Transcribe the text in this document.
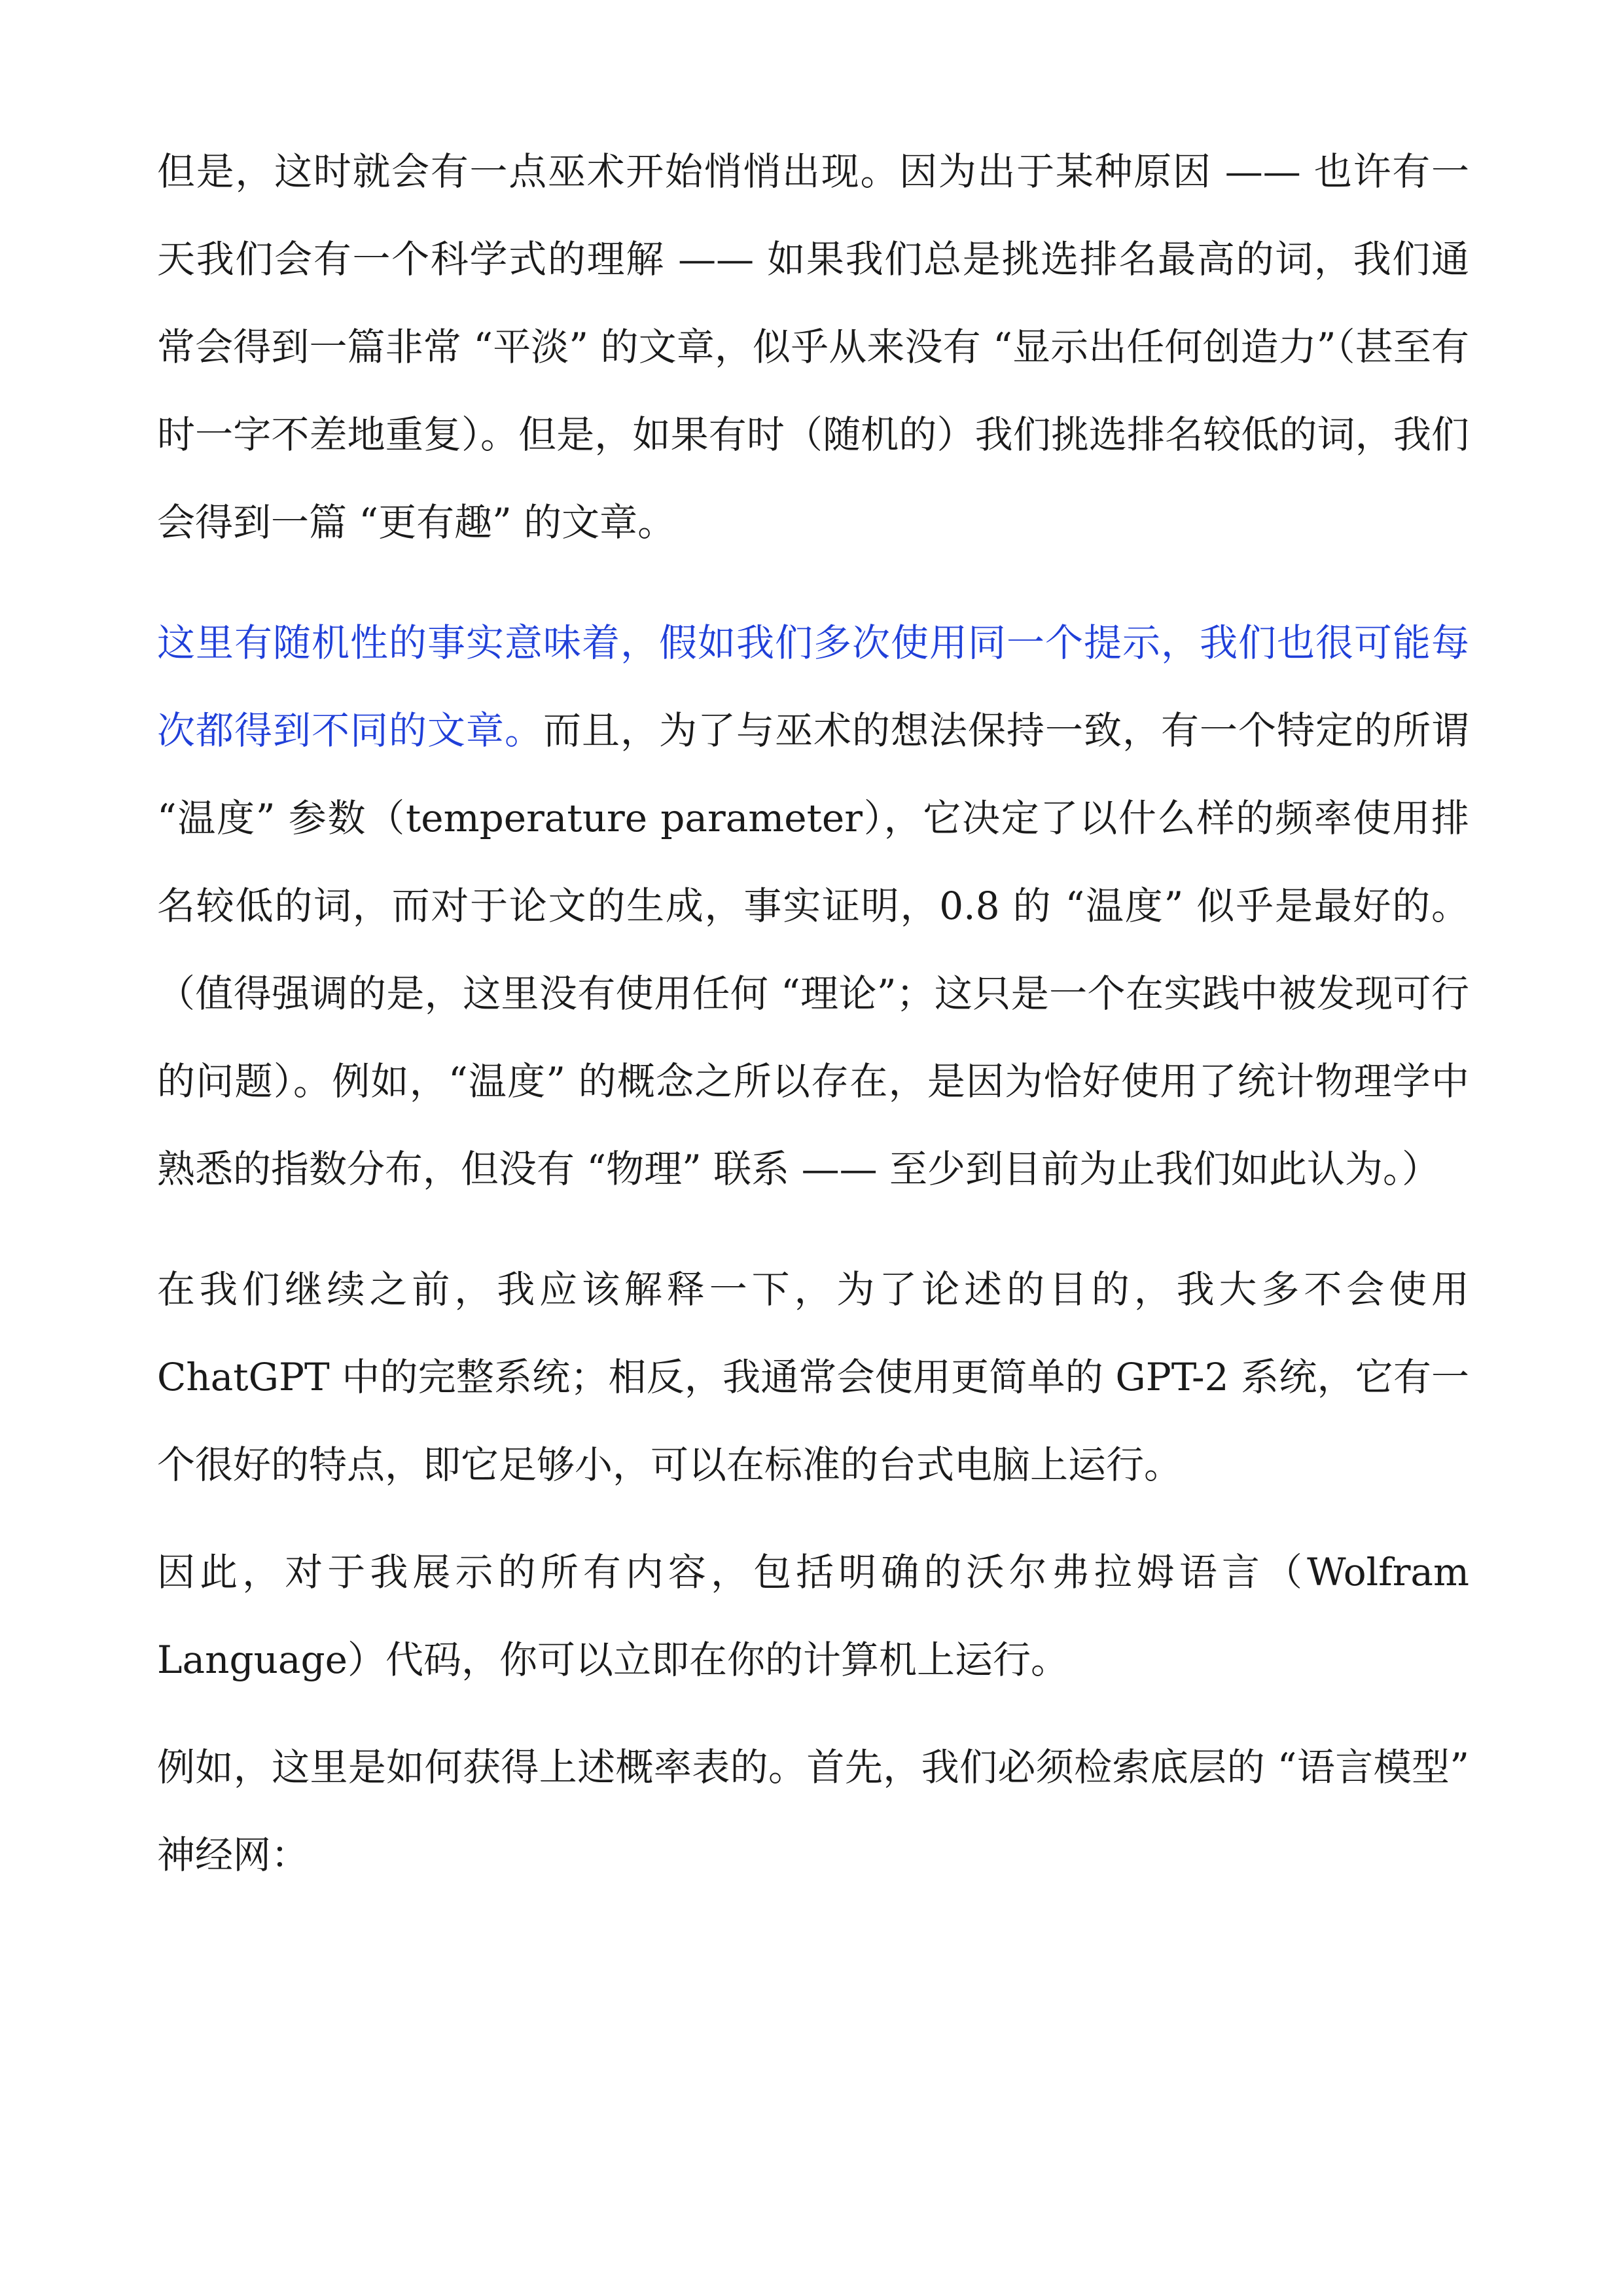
但是，这时就会有一点巫术开始悄悄出现。因为出于某种原因 —— 也许有一天我们会有一个科学式的理解 —— 如果我们总是挑选排名最高的词，我们通常会得到一篇非常 “平淡” 的文章，似乎从来没有 “显示出任何创造力”（甚至有时一字不差地重复）。但是，如果有时（随机的）我们挑选排名较低的词，我们会得到一篇 “更有趣” 的文章。

这里有随机性的事实意味着，假如我们多次使用同一个提示，我们也很可能每次都得到不同的文章。而且，为了与巫术的想法保持一致，有一个特定的所谓 “温度” 参数（temperature parameter），它决定了以什么样的频率使用排名较低的词，而对于论文的生成，事实证明，0.8 的 “温度” 似乎是最好的。（值得强调的是，这里没有使用任何 “理论”；这只是一个在实践中被发现可行的问题）。例如，“温度” 的概念之所以存在，是因为恰好使用了统计物理学中熟悉的指数分布，但没有 “物理” 联系 —— 至少到目前为止我们如此认为。）

在我们继续之前，我应该解释一下，为了论述的目的，我大多不会使用 ChatGPT 中的完整系统；相反，我通常会使用更简单的 GPT-2 系统，它有一个很好的特点，即它足够小，可以在标准的台式电脑上运行。

因此，对于我展示的所有内容，包括明确的沃尔弗拉姆语言（Wolfram Language）代码，你可以立即在你的计算机上运行。

例如，这里是如何获得上述概率表的。首先，我们必须检索底层的 “语言模型” 神经网：
